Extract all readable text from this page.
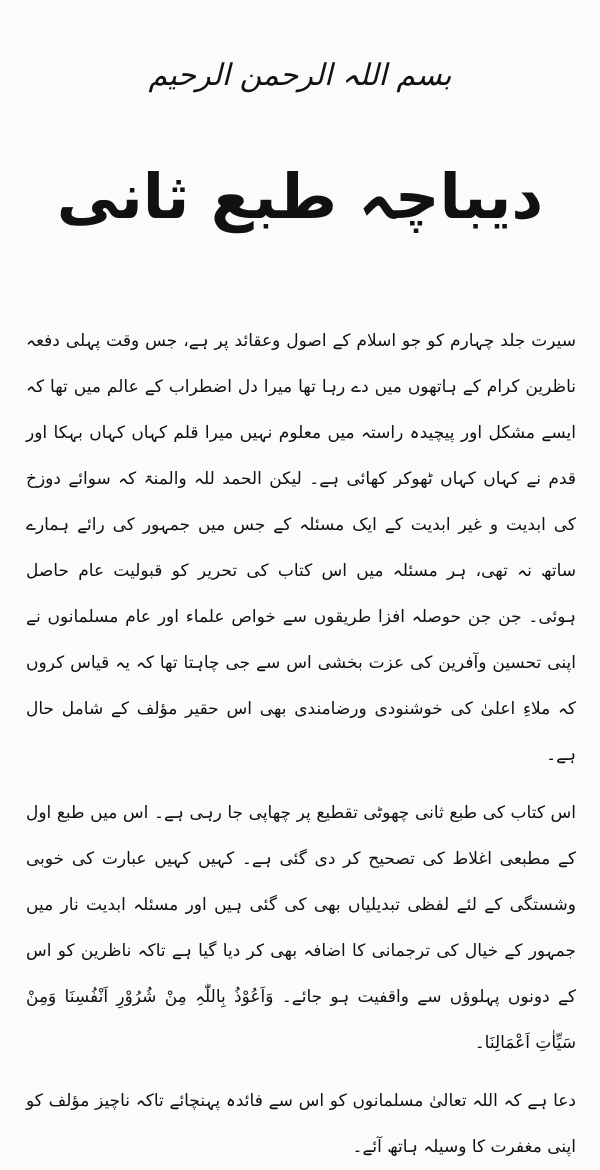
بسم اللہ الرحمن الرحیم
دیباچہ طبع ثانی

سیرت جلد چہارم کو جو اسلام کے اصول وعقائد پر ہے، جس وقت پہلی دفعہ ناظرین کرام کے ہاتھوں میں دے رہا تھا میرا دل اضطراب کے عالم میں تھا کہ ایسے مشکل اور پیچیدہ راستہ میں معلوم نہیں میرا قلم کہاں کہاں بہکا اور قدم نے کہاں کہاں ٹھوکر کھائی ہے۔ لیکن الحمد للہ والمنۃ کہ سوائے دوزخ کی ابدیت و غیر ابدیت کے ایک مسئلہ کے جس میں جمہور کی رائے ہمارے ساتھ نہ تھی، ہر مسئلہ میں اس کتاب کی تحریر کو قبولیت عام حاصل ہوئی۔ جن جن حوصلہ افزا طریقوں سے خواص علماء اور عام مسلمانوں نے اپنی تحسین وآفرین کی عزت بخشی اس سے جی چاہتا تھا کہ یہ قیاس کروں کہ ملاءِ اعلیٰ کی خوشنودی ورضامندی بھی اس حقیر مؤلف کے شامل حال ہے۔

اس کتاب کی طبع ثانی چھوٹی تقطیع پر چھاپی جا رہی ہے۔ اس میں طبع اول کے مطبعی اغلاط کی تصحیح کر دی گئی ہے۔ کہیں کہیں عبارت کی خوبی وشستگی کے لئے لفظی تبدیلیاں بھی کی گئی ہیں اور مسئلہ ابدیت نار میں جمہور کے خیال کی ترجمانی کا اضافہ بھی کر دیا گیا ہے تاکہ ناظرین کو اس کے دونوں پہلوؤں سے واقفیت ہو جائے۔ وَاَعُوْذُ بِاللّٰہِ مِنْ شُرُوْرِ اَنْفُسِنَا وَمِنْ سَیِّاٰتِ اَعْمَالِنَا۔

دعا ہے کہ اللہ تعالیٰ مسلمانوں کو اس سے فائدہ پہنچائے تاکہ ناچیز مؤلف کو اپنی مغفرت کا وسیلہ ہاتھ آئے۔
